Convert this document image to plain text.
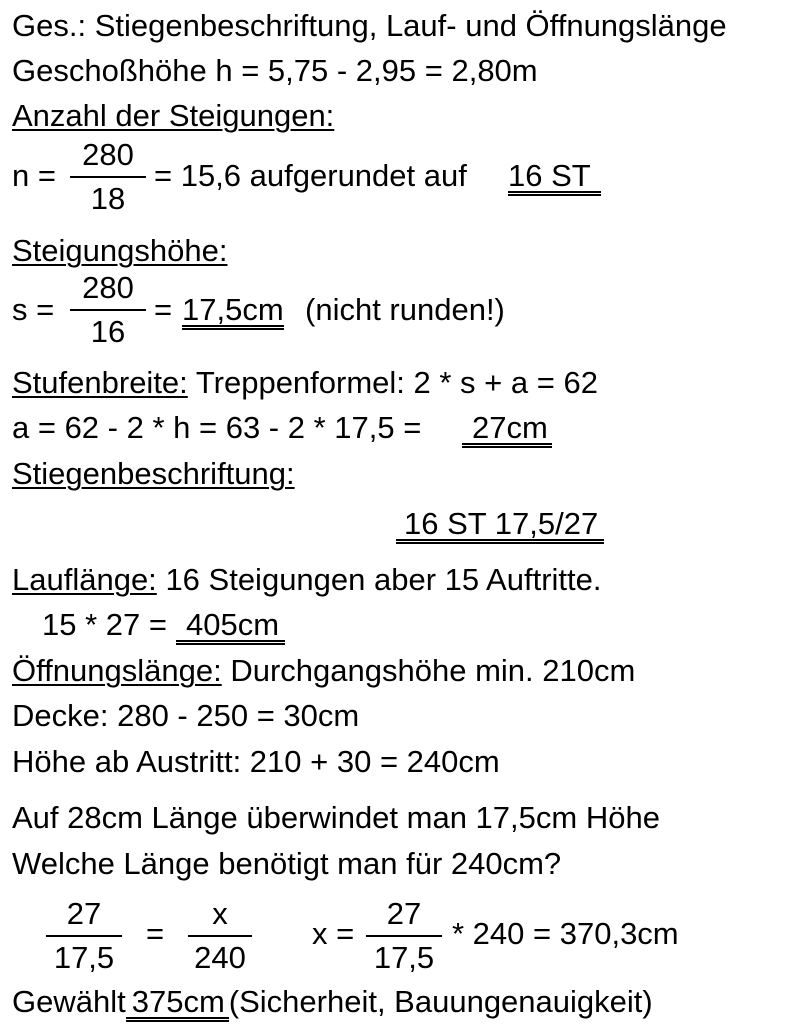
Ges.: Stiegenbeschriftung, Lauf- und Öffnungslänge
Geschoßhöhe h = 5,75 - 2,95 = 2,80m
Anzahl der Steigungen:
n =
280
18
= 15,6 aufgerundet auf 16 ST
Steigungshöhe:
s =
280
16
= 17,5cm (nicht runden!)
Stufenbreite: Treppenformel: 2 * s + a = 62
a = 62 - 2 * h = 63 - 2 * 17,5 =	27cm
Stiegenbeschriftung:
16 ST 17,5/27
Lauflänge: 16 Steigungen aber 15 Auftritte.
15 * 27 = 405cm
Öffnungslänge: Durchgangshöhe min. 210cm
Decke: 280 - 250 = 30cm
Höhe ab Austritt: 210 + 30 = 240cm
Auf 28cm Länge überwindet man 17,5cm Höhe
Welche Länge benötigt man für 240cm?
27
17,5
=
x
240
x =
27
17,5
* 240 = 370,3cm
Gewählt 375cm (Sicherheit, Bauungenauigkeit)
